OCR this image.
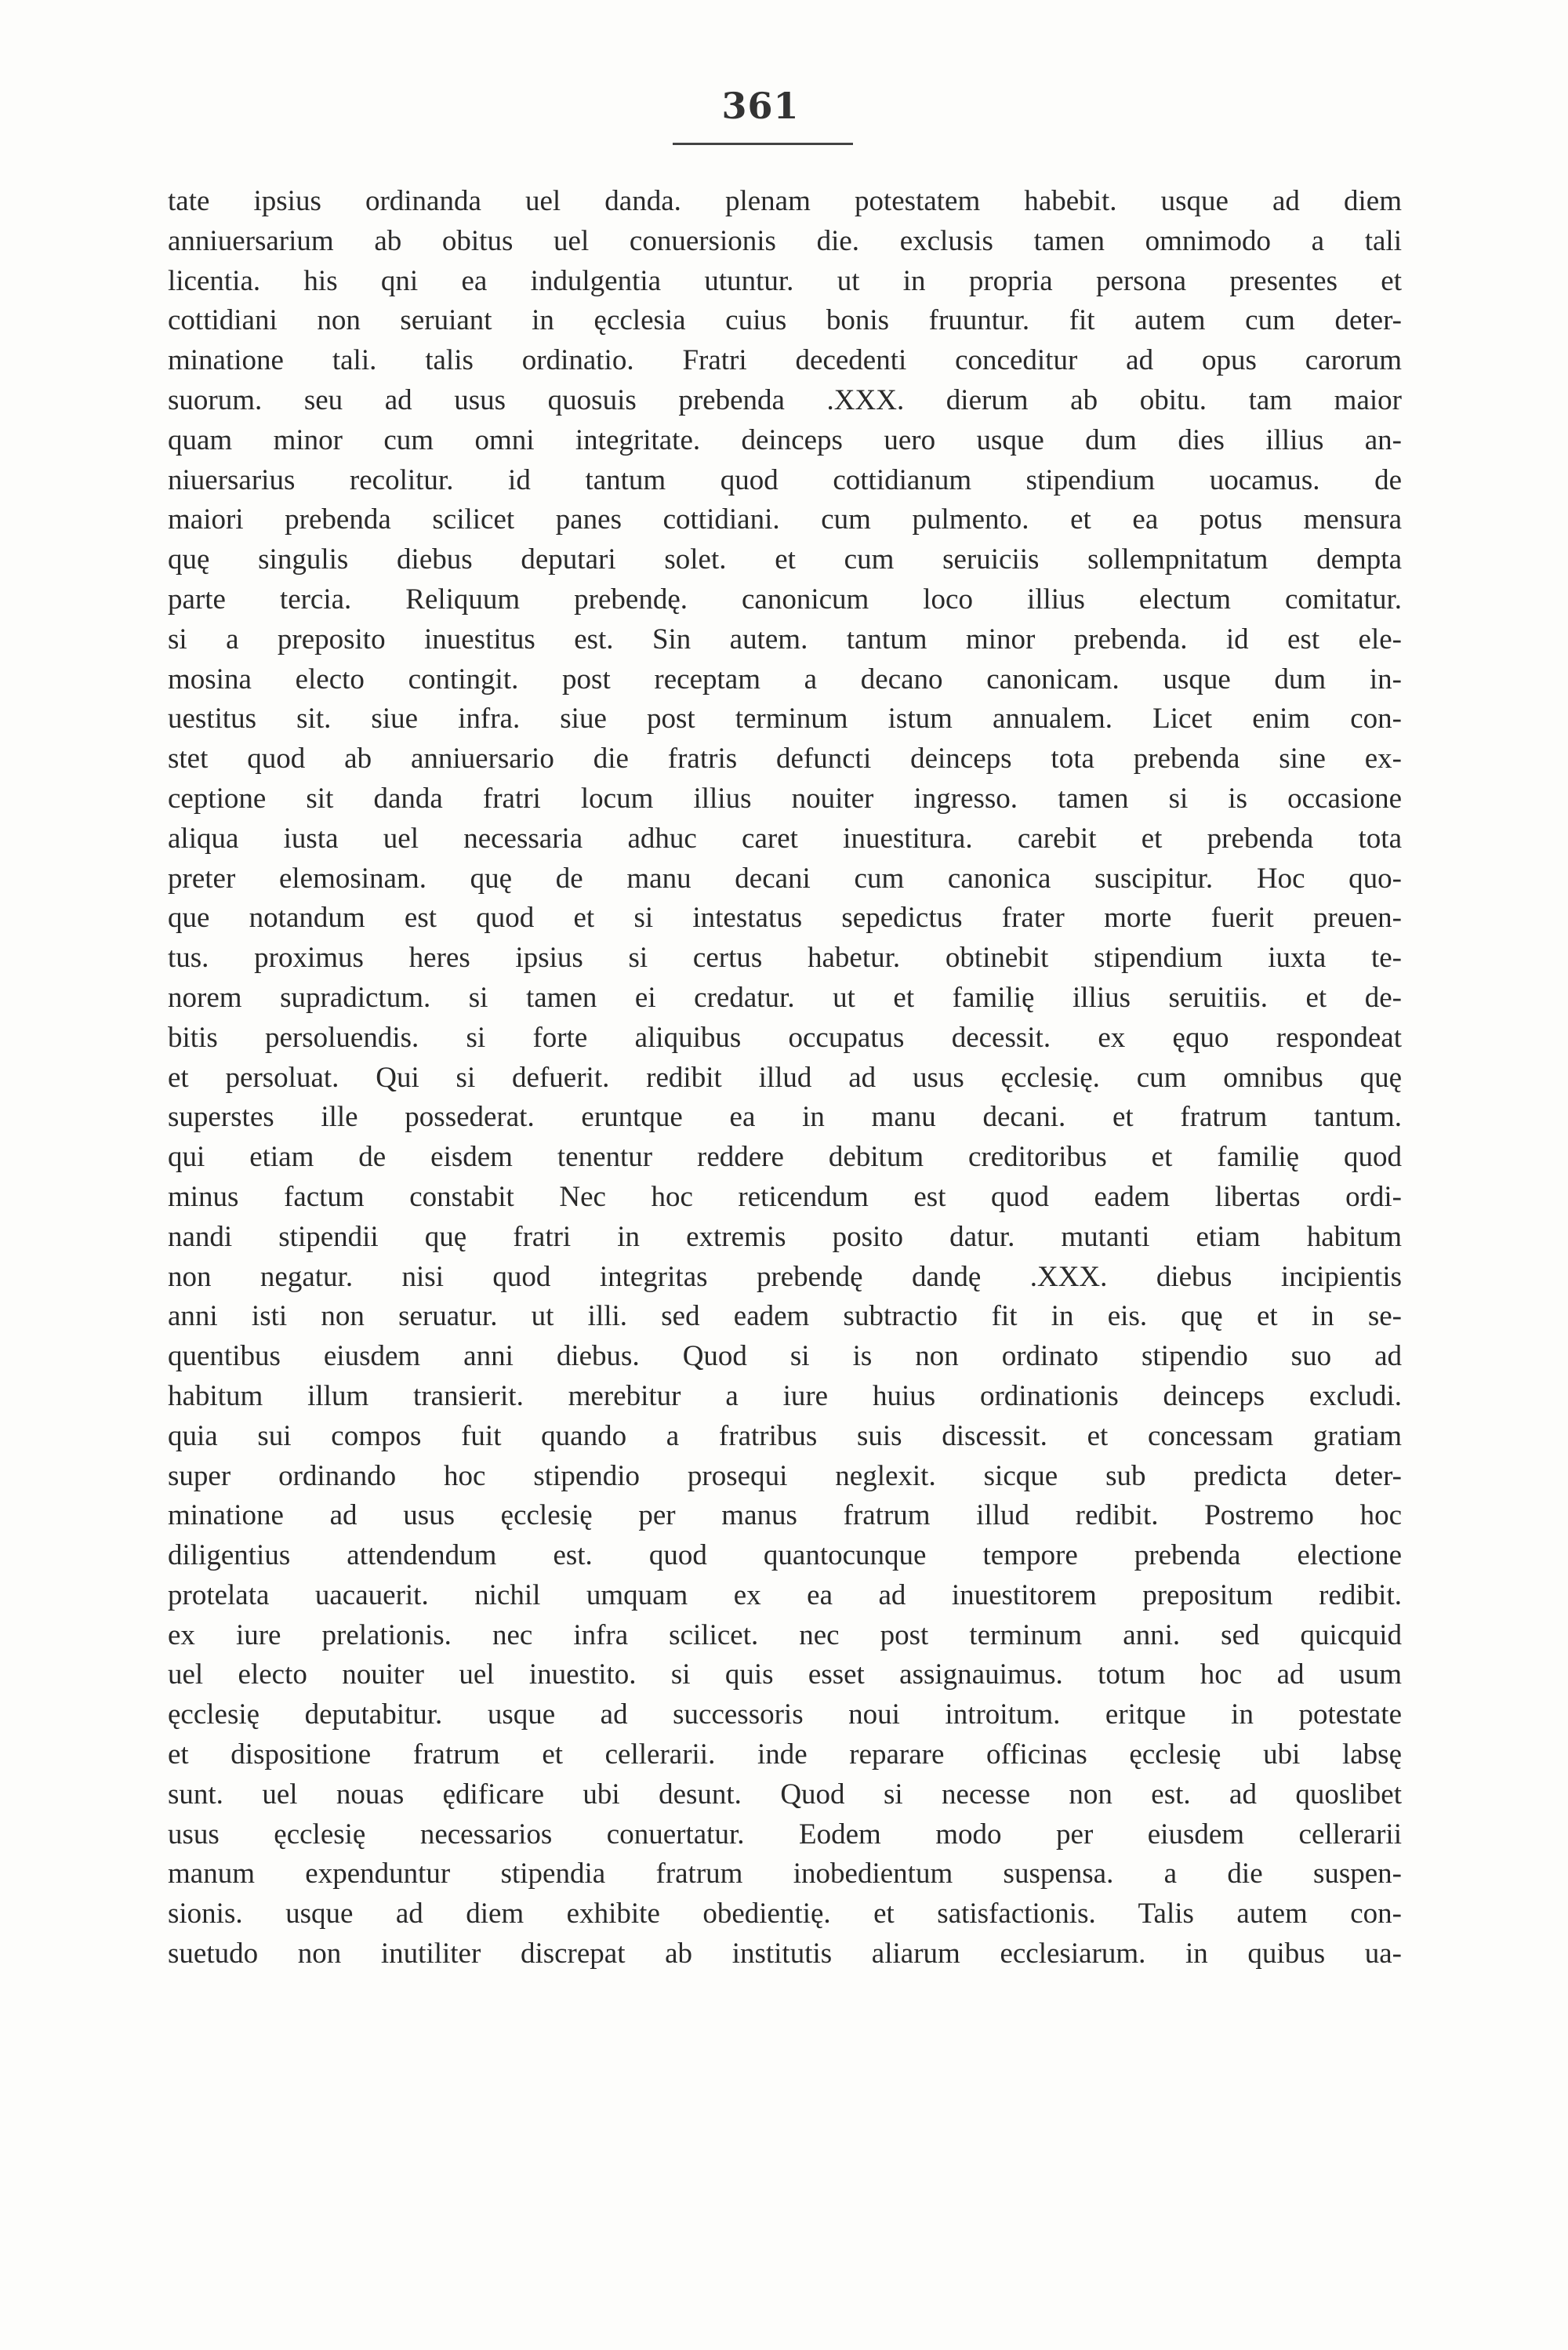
361
tate ipsius ordinanda uel danda. plenam potestatem habebit. usque ad diem
anniuersarium ab obitus uel conuersionis die. exclusis tamen omnimodo a tali
licentia. his qni ea indulgentia utuntur. ut in propria persona presentes et
cottidiani non seruiant in ęcclesia cuius bonis fruuntur. fit autem cum deter-
minatione tali. talis ordinatio. Fratri decedenti conceditur ad opus carorum
suorum. seu ad usus quosuis prebenda .XXX. dierum ab obitu. tam maior
quam minor cum omni integritate. deinceps uero usque dum dies illius an-
niuersarius recolitur. id tantum quod cottidianum stipendium uocamus. de
maiori prebenda scilicet panes cottidiani. cum pulmento. et ea potus mensura
quę singulis diebus deputari solet. et cum seruiciis sollempnitatum dempta
parte tercia. Reliquum prebendę. canonicum loco illius electum comitatur.
si a preposito inuestitus est. Sin autem. tantum minor prebenda. id est ele-
mosina electo contingit. post receptam a decano canonicam. usque dum in-
uestitus sit. siue infra. siue post terminum istum annualem. Licet enim con-
stet quod ab anniuersario die fratris defuncti deinceps tota prebenda sine ex-
ceptione sit danda fratri locum illius nouiter ingresso. tamen si is occasione
aliqua iusta uel necessaria adhuc caret inuestitura. carebit et prebenda tota
preter elemosinam. quę de manu decani cum canonica suscipitur. Hoc quo-
que notandum est quod et si intestatus sepedictus frater morte fuerit preuen-
tus. proximus heres ipsius si certus habetur. obtinebit stipendium iuxta te-
norem supradictum. si tamen ei credatur. ut et familię illius seruitiis. et de-
bitis persoluendis. si forte aliquibus occupatus decessit. ex ęquo respondeat
et persoluat. Qui si defuerit. redibit illud ad usus ęcclesię. cum omnibus quę
superstes ille possederat. eruntque ea in manu decani. et fratrum tantum.
qui etiam de eisdem tenentur reddere debitum creditoribus et familię quod
minus factum constabit Nec hoc reticendum est quod eadem libertas ordi-
nandi stipendii quę fratri in extremis posito datur. mutanti etiam habitum
non negatur. nisi quod integritas prebendę dandę .XXX. diebus incipientis
anni isti non seruatur. ut illi. sed eadem subtractio fit in eis. quę et in se-
quentibus eiusdem anni diebus. Quod si is non ordinato stipendio suo ad
habitum illum transierit. merebitur a iure huius ordinationis deinceps excludi.
quia sui compos fuit quando a fratribus suis discessit. et concessam gratiam
super ordinando hoc stipendio prosequi neglexit. sicque sub predicta deter-
minatione ad usus ęcclesię per manus fratrum illud redibit. Postremo hoc
diligentius attendendum est. quod quantocunque tempore prebenda electione
protelata uacauerit. nichil umquam ex ea ad inuestitorem prepositum redibit.
ex iure prelationis. nec infra scilicet. nec post terminum anni. sed quicquid
uel electo nouiter uel inuestito. si quis esset assignauimus. totum hoc ad usum
ęcclesię deputabitur. usque ad successoris noui introitum. eritque in potestate
et dispositione fratrum et cellerarii. inde reparare officinas ęcclesię ubi labsę
sunt. uel nouas ędificare ubi desunt. Quod si necesse non est. ad quoslibet
usus ęcclesię necessarios conuertatur. Eodem modo per eiusdem cellerarii
manum expenduntur stipendia fratrum inobedientum suspensa. a die suspen-
sionis. usque ad diem exhibite obedientię. et satisfactionis. Talis autem con-
suetudo non inutiliter discrepat ab institutis aliarum ecclesiarum. in quibus ua-
